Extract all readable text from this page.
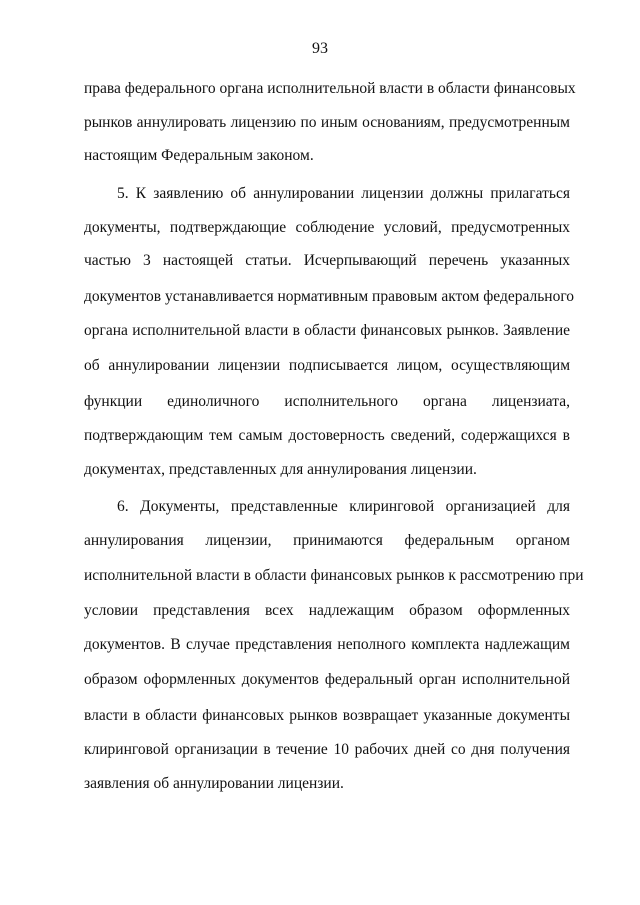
93
права федерального органа исполнительной власти в области финансовых
рынков аннулировать лицензию по иным основаниям, предусмотренным
настоящим Федеральным законом.
5. К заявлению об аннулировании лицензии должны прилагаться
документы, подтверждающие соблюдение условий, предусмотренных
частью 3 настоящей статьи. Исчерпывающий перечень указанных
документов устанавливается нормативным правовым актом федерального
органа исполнительной власти в области финансовых рынков. Заявление
об аннулировании лицензии подписывается лицом, осуществляющим
функции единоличного исполнительного органа лицензиата,
подтверждающим тем самым достоверность сведений, содержащихся в
документах, представленных для аннулирования лицензии.
6. Документы, представленные клиринговой организацией для
аннулирования лицензии, принимаются федеральным органом
исполнительной власти в области финансовых рынков к рассмотрению при
условии представления всех надлежащим образом оформленных
документов. В случае представления неполного комплекта надлежащим
образом оформленных документов федеральный орган исполнительной
власти в области финансовых рынков возвращает указанные документы
клиринговой организации в течение 10 рабочих дней со дня получения
заявления об аннулировании лицензии.
